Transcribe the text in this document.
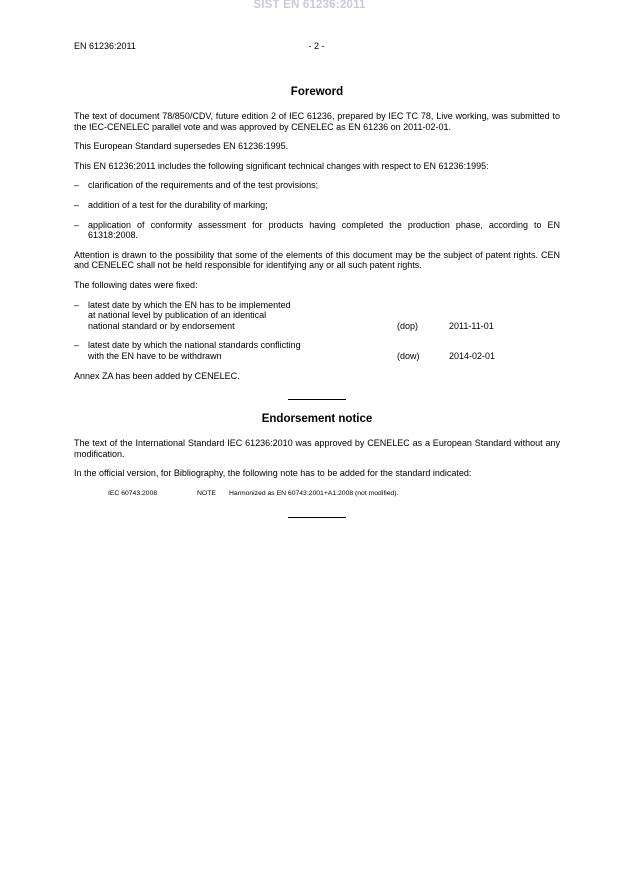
SIST EN 61236:2011
EN 61236:2011	- 2 -
Foreword

The text of document 78/850/CDV, future edition 2 of IEC 61236, prepared by IEC TC 78, Live working, was submitted to the IEC-CENELEC parallel vote and was approved by CENELEC as EN 61236 on 2011-02-01.

This European Standard supersedes EN 61236:1995.

This EN 61236:2011 includes the following significant technical changes with respect to EN 61236:1995:

– clarification of the requirements and of the test provisions;
– addition of a test for the durability of marking;
– application of conformity assessment for products having completed the production phase, according to EN 61318:2008.

Attention is drawn to the possibility that some of the elements of this document may be the subject of patent rights. CEN and CENELEC shall not be held responsible for identifying any or all such patent rights.

The following dates were fixed:

– latest date by which the EN has to be implemented
at national level by publication of an identical
national standard or by endorsement	(dop)	2011-11-01
– latest date by which the national standards conflicting
with the EN have to be withdrawn	(dow)	2014-02-01

Annex ZA has been added by CENELEC.

Endorsement notice

The text of the International Standard IEC 61236:2010 was approved by CENELEC as a European Standard without any modification.

In the official version, for Bibliography, the following note has to be added for the standard indicated:

IEC 60743:2008	NOTE Harmonized as EN 60743:2001+A1:2008 (not modified).
